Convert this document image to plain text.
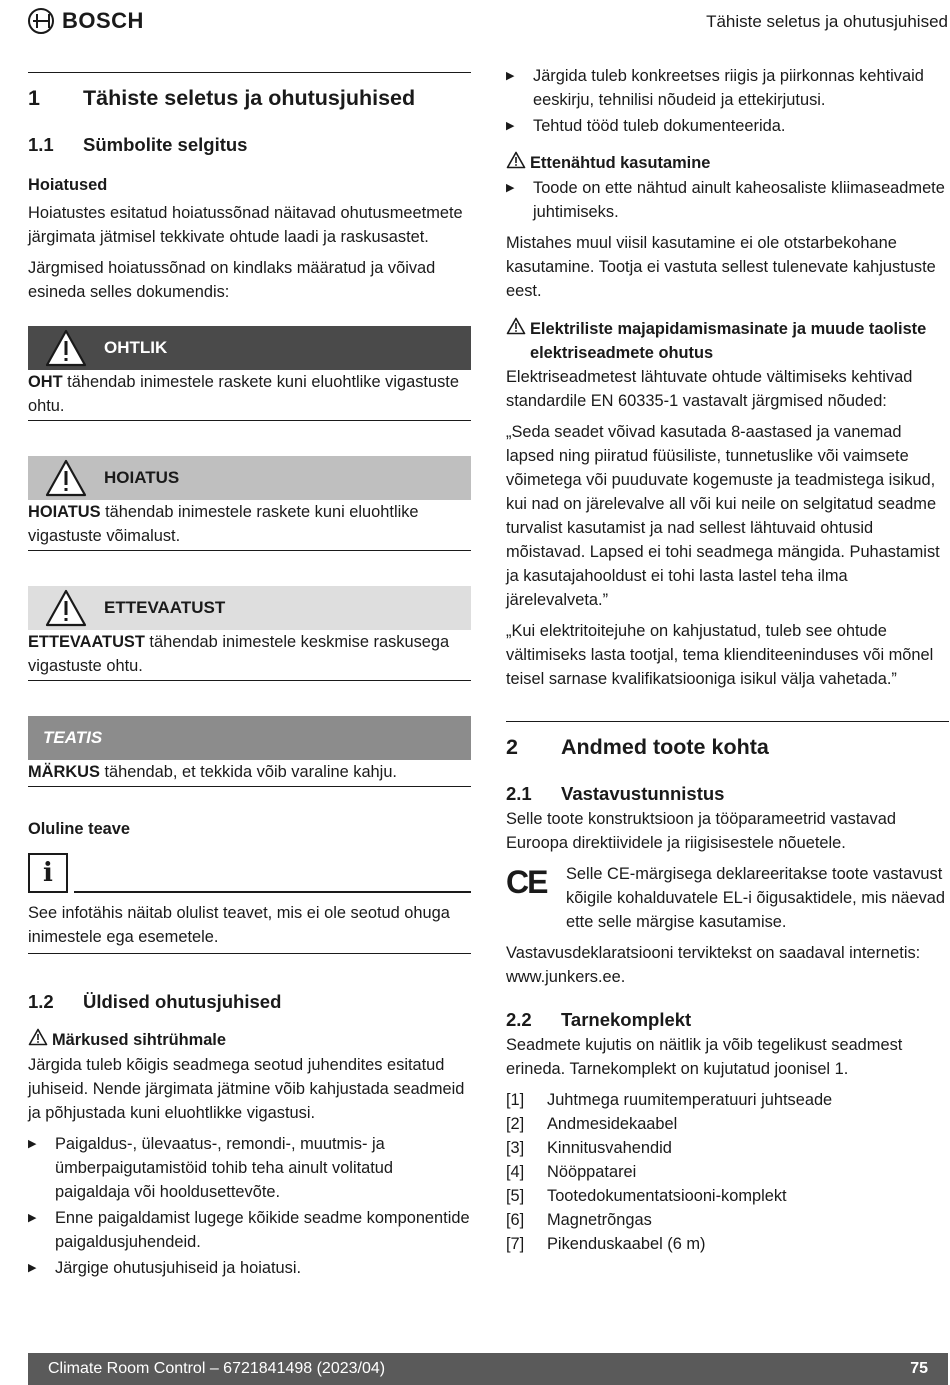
BOSCH	Tähiste seletus ja ohutusjuhised
1	Tähiste seletus ja ohutusjuhised
1.1	Sümbolite selgitus
Hoiatused

Hoiatustes esitatud hoiatussõnad näitavad ohutusmeetmete järgimata jätmisel tekkivate ohtude laadi ja raskusastet.

Järgmised hoiatussõnad on kindlaks määratud ja võivad esineda selles dokumendis:

OHTLIK
OHT tähendab inimestele raskete kuni eluohtlike vigastuste ohtu.
HOIATUS
HOIATUS tähendab inimestele raskete kuni eluohtlike vigastuste võimalust.
ETTEVAATUST
ETTEVAATUST tähendab inimestele keskmise raskusega vigastuste ohtu.
TEATIS
MÄRKUS tähendab, et tekkida võib varaline kahju.
Oluline teave
i
See infotähis näitab olulist teavet, mis ei ole seotud ohuga inimestele ega esemetele.
1.2	Üldised ohutusjuhised
Märkused sihtrühmale

Järgida tuleb kõigis seadmega seotud juhendites esitatud juhiseid. Nende järgimata jätmine võib kahjustada seadmeid ja põhjustada kuni eluohtlikke vigastusi.

▶ Paigaldus-, ülevaatus-, remondi-, muutmis- ja ümberpaigutamistöid tohib teha ainult volitatud paigaldaja või hooldusettevõte.
▶ Enne paigaldamist lugege kõikide seadme komponentide paigaldusjuhendeid.
▶ Järgige ohutusjuhiseid ja hoiatusi.
▶ Järgida tuleb konkreetses riigis ja piirkonnas kehtivaid eeskirju, tehnilisi nõudeid ja ettekirjutusi.
▶ Tehtud tööd tuleb dokumenteerida.
Ettenähtud kasutamine
▶ Toode on ette nähtud ainult kaheosaliste kliimaseadmete juhtimiseks.

Mistahes muul viisil kasutamine ei ole otstarbekohane kasutamine. Tootja ei vastuta sellest tulenevate kahjustuste eest.

Elektriliste majapidamismasinate ja muude taoliste elektriseadmete ohutus

Elektriseadmetest lähtuvate ohtude vältimiseks kehtivad standardile EN 60335-1 vastavalt järgmised nõuded:

„Seda seadet võivad kasutada 8-aastased ja vanemad lapsed ning piiratud füüsiliste, tunnetuslike või vaimsete võimetega või puuduvate kogemuste ja teadmistega isikud, kui nad on järelevalve all või kui neile on selgitatud seadme turvalist kasutamist ja nad sellest lähtuvaid ohtusid mõistavad. Lapsed ei tohi seadmega mängida. Puhastamist ja kasutajahooldust ei tohi lasta lastel teha ilma järelevalveta.”

„Kui elektritoitejuhe on kahjustatud, tuleb see ohtude vältimiseks lasta tootjal, tema klienditeeninduses või mõnel teisel sarnase kvalifikatsiooniga isikul välja vahetada.”

2	Andmed toote kohta
2.1	Vastavustunnistus

Selle toote konstruktsioon ja tööparameetrid vastavad Euroopa direktiividele ja riigisisestele nõuetele.

CE	Selle CE-märgisega deklareeritakse toote vastavust kõigile kohalduvatele EL-i õigusaktidele, mis näevad ette selle märgise kasutamise.

Vastavusdeklaratsiooni terviktekst on saadaval internetis: www.junkers.ee.

2.2	Tarnekomplekt

Seadmete kujutis on näitlik ja võib tegelikust seadmest erineda. Tarnekomplekt on kujutatud joonisel 1.

[1]	Juhtmega ruumitemperatuuri juhtseade
[2]	Andmesidekaabel
[3]	Kinnitusvahendid
[4]	Nööppatarei
[5]	Tootedokumentatsiooni-komplekt
[6]	Magnetrõngas
[7]	Pikenduskaabel (6 m)
Climate Room Control – 6721841498 (2023/04)	75
